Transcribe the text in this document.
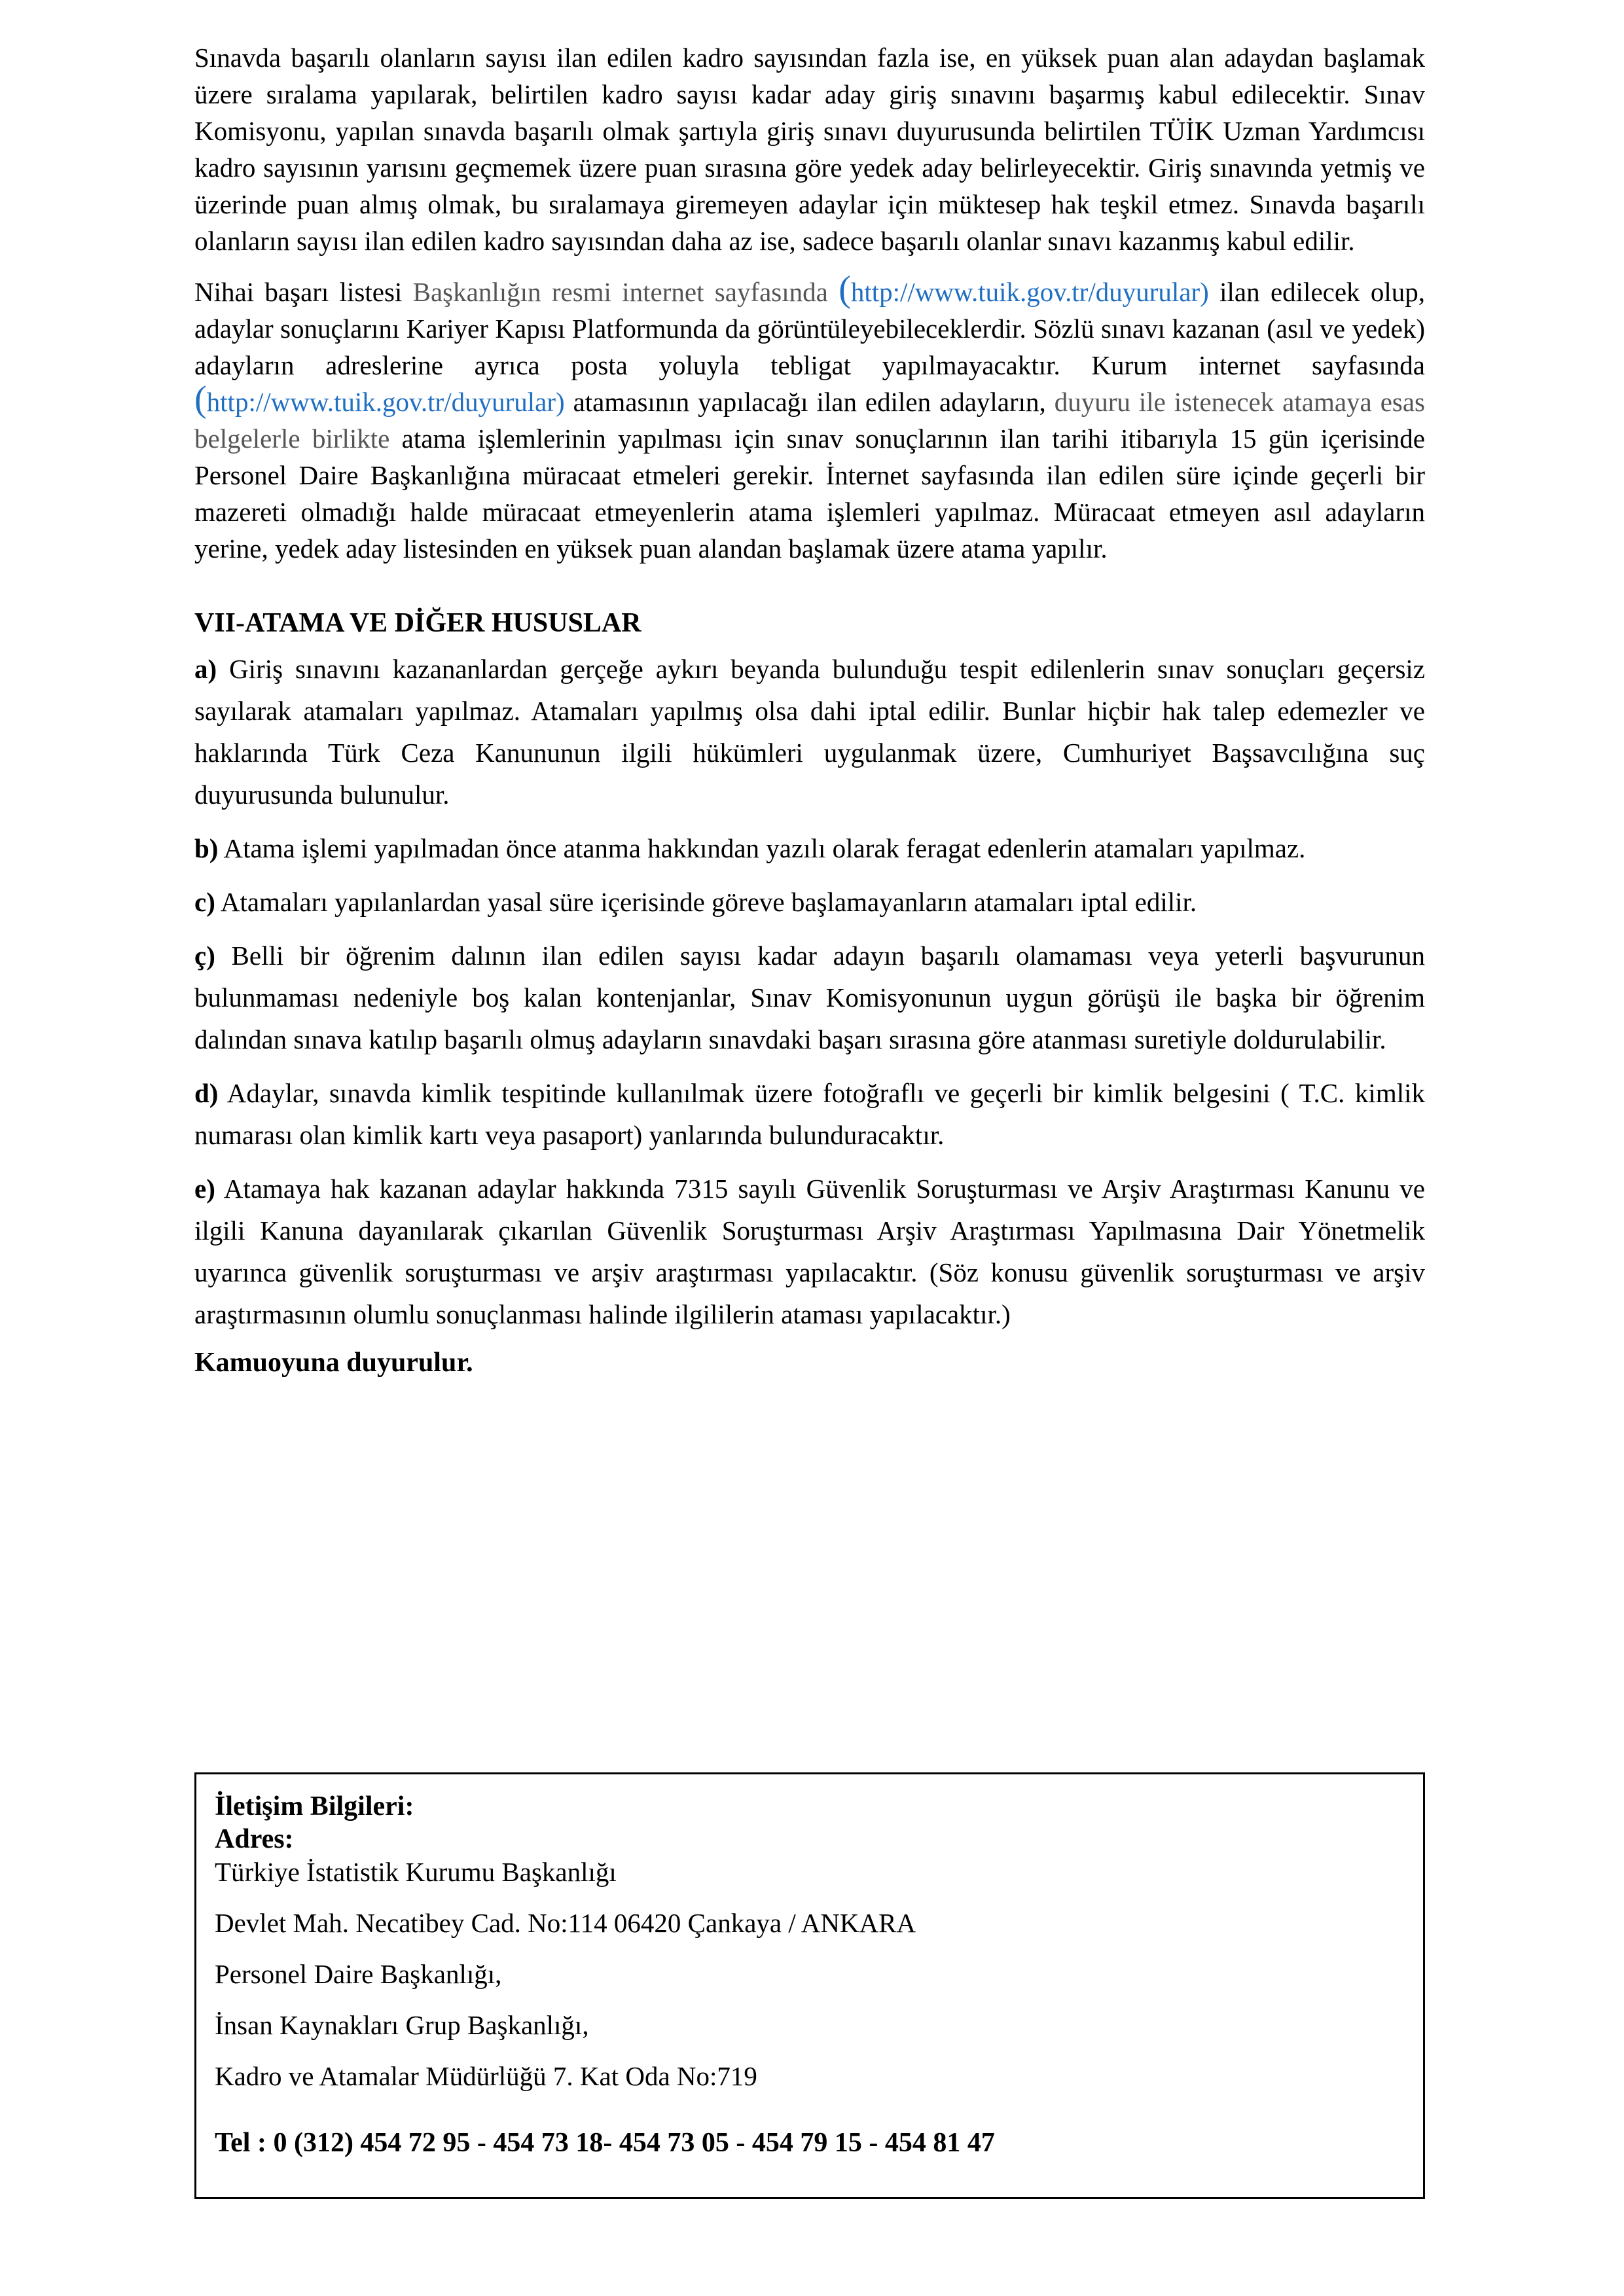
Sınavda başarılı olanların sayısı ilan edilen kadro sayısından fazla ise, en yüksek puan alan adaydan başlamak üzere sıralama yapılarak, belirtilen kadro sayısı kadar aday giriş sınavını başarmış kabul edilecektir. Sınav Komisyonu, yapılan sınavda başarılı olmak şartıyla giriş sınavı duyurusunda belirtilen TÜİK Uzman Yardımcısı kadro sayısının yarısını geçmemek üzere puan sırasına göre yedek aday belirleyecektir. Giriş sınavında yetmiş ve üzerinde puan almış olmak, bu sıralamaya giremeyen adaylar için müktesep hak teşkil etmez. Sınavda başarılı olanların sayısı ilan edilen kadro sayısından daha az ise, sadece başarılı olanlar sınavı kazanmış kabul edilir.

Nihai başarı listesi Başkanlığın resmi internet sayfasında (http://www.tuik.gov.tr/duyurular) ilan edilecek olup, adaylar sonuçlarını Kariyer Kapısı Platformunda da görüntüleyebileceklerdir. Sözlü sınavı kazanan (asıl ve yedek) adayların adreslerine ayrıca posta yoluyla tebligat yapılmayacaktır. Kurum internet sayfasında (http://www.tuik.gov.tr/duyurular) atamasının yapılacağı ilan edilen adayların, duyuru ile istenecek atamaya esas belgelerle birlikte atama işlemlerinin yapılması için sınav sonuçlarının ilan tarihi itibarıyla 15 gün içerisinde Personel Daire Başkanlığına müracaat etmeleri gerekir. İnternet sayfasında ilan edilen süre içinde geçerli bir mazereti olmadığı halde müracaat etmeyenlerin atama işlemleri yapılmaz. Müracaat etmeyen asıl adayların yerine, yedek aday listesinden en yüksek puan alandan başlamak üzere atama yapılır.

VII-ATAMA VE DİĞER HUSUSLAR

a) Giriş sınavını kazananlardan gerçeğe aykırı beyanda bulunduğu tespit edilenlerin sınav sonuçları geçersiz sayılarak atamaları yapılmaz. Atamaları yapılmış olsa dahi iptal edilir. Bunlar hiçbir hak talep edemezler ve haklarında Türk Ceza Kanununun ilgili hükümleri uygulanmak üzere, Cumhuriyet Başsavcılığına suç duyurusunda bulunulur.

b) Atama işlemi yapılmadan önce atanma hakkından yazılı olarak feragat edenlerin atamaları yapılmaz.

c) Atamaları yapılanlardan yasal süre içerisinde göreve başlamayanların atamaları iptal edilir.

ç) Belli bir öğrenim dalının ilan edilen sayısı kadar adayın başarılı olamaması veya yeterli başvurunun bulunmaması nedeniyle boş kalan kontenjanlar, Sınav Komisyonunun uygun görüşü ile başka bir öğrenim dalından sınava katılıp başarılı olmuş adayların sınavdaki başarı sırasına göre atanması suretiyle doldurulabilir.

d) Adaylar, sınavda kimlik tespitinde kullanılmak üzere fotoğraflı ve geçerli bir kimlik belgesini ( T.C. kimlik numarası olan kimlik kartı veya pasaport) yanlarında bulunduracaktır.

e) Atamaya hak kazanan adaylar hakkında 7315 sayılı Güvenlik Soruşturması ve Arşiv Araştırması Kanunu ve ilgili Kanuna dayanılarak çıkarılan Güvenlik Soruşturması Arşiv Araştırması Yapılmasına Dair Yönetmelik uyarınca güvenlik soruşturması ve arşiv araştırması yapılacaktır. (Söz konusu güvenlik soruşturması ve arşiv araştırmasının olumlu sonuçlanması halinde ilgililerin ataması yapılacaktır.)

Kamuoyuna duyurulur.

İletişim Bilgileri:

Adres:

Türkiye İstatistik Kurumu Başkanlığı

Devlet Mah. Necatibey Cad. No:114 06420 Çankaya / ANKARA

Personel Daire Başkanlığı,

İnsan Kaynakları Grup Başkanlığı,

Kadro ve Atamalar Müdürlüğü 7. Kat Oda No:719

Tel : 0 (312) 454 72 95 - 454 73 18- 454 73 05 - 454 79 15 - 454 81 47
